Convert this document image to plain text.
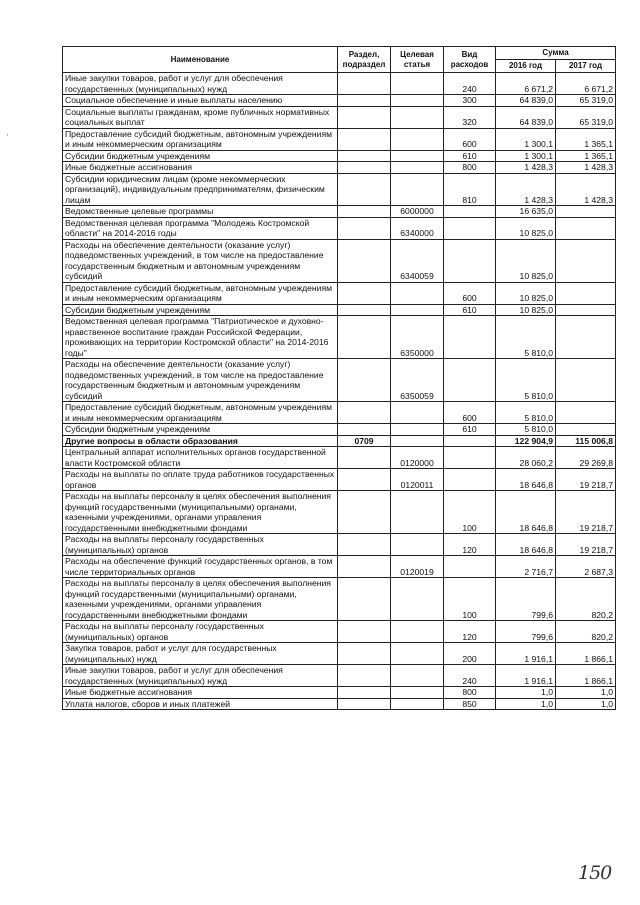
Наименование	Раздел, подраздел	Целевая статья	Вид расходов	Сумма	
				2016 год	2017 год
Иные закупки товаров, работ и услуг для обеспечения государственных (муниципальных) нужд			240	6 671,2	6 671,2
Социальное обеспечение и иные выплаты населению			300	64 839,0	65 319,0
Социальные выплаты гражданам, кроме публичных нормативных социальных выплат			320	64 839,0	65 319,0
Предоставление субсидий бюджетным, автономным учреждениям и иным некоммерческим организациям			600	1 300,1	1 365,1
Субсидии бюджетным учреждениям			610	1 300,1	1 365,1
Иные бюджетные ассигнования			800	1 428,3	1 428,3
Субсидии юридическим лицам (кроме некоммерческих организаций), индивидуальным предпринимателям, физическим лицам			810	1 428,3	1 428,3
Ведомственные целевые программы		6000000		16 635,0	
Ведомственная целевая программа "Молодежь Костромской области" на 2014-2016 годы		6340000		10 825,0	
Расходы на обеспечение деятельности (оказание услуг) подведомственных учреждений, в том числе на предоставление государственным бюджетным и автономным учреждениям субсидий		6340059		10 825,0	
Предоставление субсидий бюджетным, автономным учреждениям и иным некоммерческим организациям			600	10 825,0	
Субсидии бюджетным учреждениям			610	10 825,0	
Ведомственная целевая программа "Патриотическое и духовно-нравственное воспитание граждан Российской Федерации, проживающих на территории Костромской области" на 2014-2016 годы"		6350000		5 810,0	
Расходы на обеспечение деятельности (оказание услуг) подведомственных учреждений, в том числе на предоставление государственным бюджетным и автономным учреждениям субсидий		6350059		5 810,0	
Предоставление субсидий бюджетным, автономным учреждениям и иным некоммерческим организациям			600	5 810,0	
Субсидии бюджетным учреждениям			610	5 810,0	
Другие вопросы в области образования	0709			122 904,9	115 006,8
Центральный аппарат исполнительных органов государственной власти Костромской области		0120000		28 060,2	29 269,8
Расходы на выплаты по оплате труда работников государственных органов		0120011		18 646,8	19 218,7
Расходы на выплаты персоналу в целях обеспечения выполнения функций государственными (муниципальными) органами, казенными учреждениями, органами управления государственными внебюджетными фондами			100	18 646,8	19 218,7
Расходы на выплаты персоналу государственных (муниципальных) органов			120	18 646,8	19 218,7
Расходы на обеспечение функций государственных органов, в том числе территориальных органов		0120019		2 716,7	2 687,3
Расходы на выплаты персоналу в целях обеспечения выполнения функций государственными (муниципальными) органами, казенными учреждениями, органами управления государственными внебюджетными фондами			100	799,6	820,2
Расходы на выплаты персоналу государственных (муниципальных) органов			120	799,6	820,2
Закупка товаров, работ и услуг для государственных (муниципальных) нужд			200	1 916,1	1 866,1
Иные закупки товаров, работ и услуг для обеспечения государственных (муниципальных) нужд			240	1 916,1	1 866,1
Иные бюджетные ассигнования			800	1,0	1,0
Уплата налогов, сборов и иных платежей			850	1,0	1,0
,
150
